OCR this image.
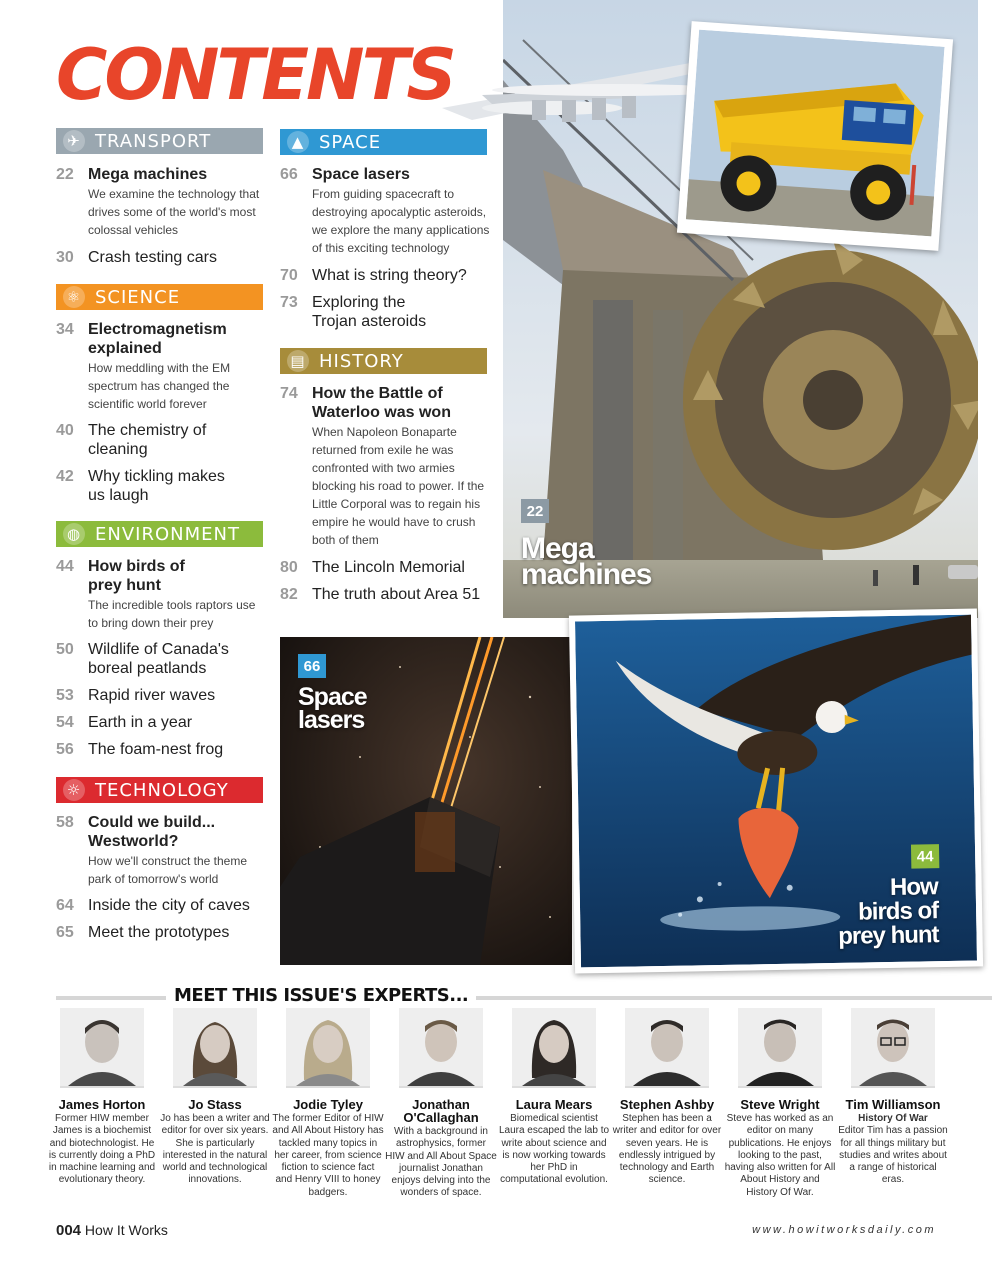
CONTENTS
22
Mega
machines
66
Space
lasers
44
How
birds of
prey hunt
✈ TRANSPORT
22 Mega machines
We examine the technology that drives some of the world's most colossal vehicles
30 Crash testing cars
⚛ SCIENCE
34 Electromagnetism explained
How meddling with the EM spectrum has changed the scientific world forever
40 The chemistry of cleaning
42 Why tickling makes us laugh
◍ ENVIRONMENT
44 How birds of prey hunt
The incredible tools raptors use to bring down their prey
50 Wildlife of Canada's boreal peatlands
53 Rapid river waves
54 Earth in a year
56 The foam-nest frog
☼ TECHNOLOGY
58 Could we build... Westworld?
How we'll construct the theme park of tomorrow's world
64 Inside the city of caves
65 Meet the prototypes
▲ SPACE
66 Space lasers
From guiding spacecraft to destroying apocalyptic asteroids, we explore the many applications of this exciting technology
70 What is string theory?
73 Exploring the Trojan asteroids
▤ HISTORY
74 How the Battle of Waterloo was won
When Napoleon Bonaparte returned from exile he was confronted with two armies blocking his road to power. If the Little Corporal was to regain his empire he would have to crush both of them
80 The Lincoln Memorial
82 The truth about Area 51
MEET THIS ISSUE'S EXPERTS...
James Horton
Former HIW member James is a biochemist and biotechnologist. He is currently doing a PhD in machine learning and evolutionary theory.
Jo Stass
Jo has been a writer and editor for over six years. She is particularly interested in the natural world and technological innovations.
Jodie Tyley
The former Editor of HIW and All About History has tackled many topics in her career, from science fiction to science fact and Henry VIII to honey badgers.
Jonathan O'Callaghan
With a background in astrophysics, former HIW and All About Space journalist Jonathan enjoys delving into the wonders of space.
Laura Mears
Biomedical scientist Laura escaped the lab to write about science and is now working towards her PhD in computational evolution.
Stephen Ashby
Stephen has been a writer and editor for over seven years. He is endlessly intrigued by technology and Earth science.
Steve Wright
Steve has worked as an editor on many publications. He enjoys looking to the past, having also written for All About History and History Of War.
Tim Williamson
History Of War
Editor Tim has a passion for all things military but studies and writes about a range of historical eras.
004 How It Works	www.howitworksdaily.com
